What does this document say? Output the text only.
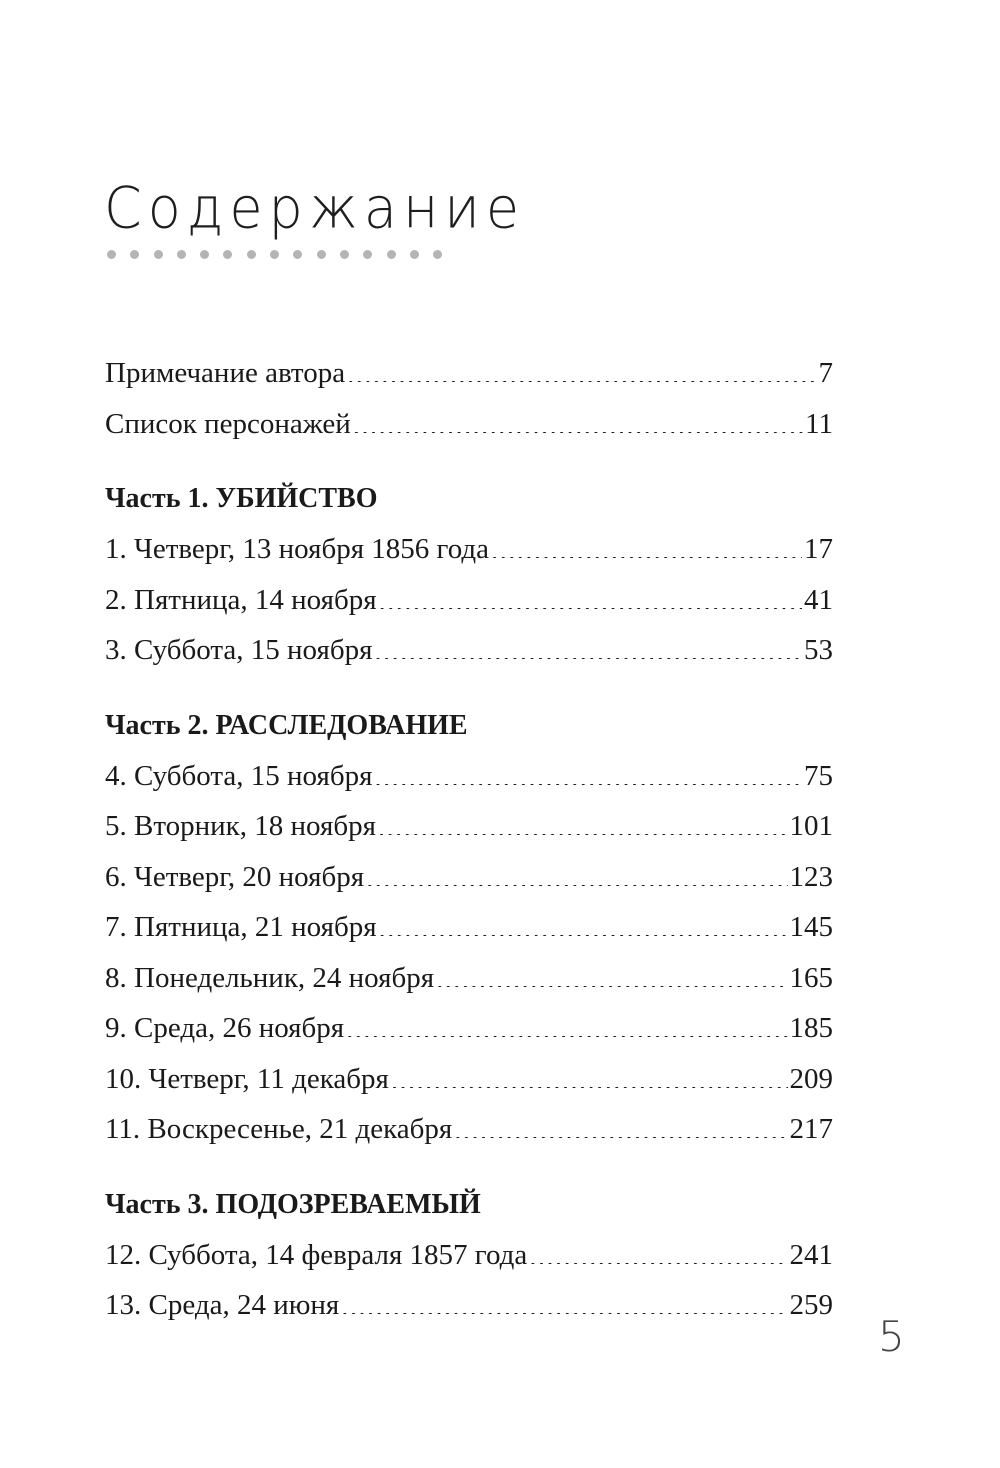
Содержание
Примечание автора .....	7
Список персонажей .....	11
Часть 1. УБИЙСТВО
1. Четверг, 13 ноября 1856 года .....	17
2. Пятница, 14 ноября .....	41
3. Суббота, 15 ноября .....	53
Часть 2. РАССЛЕДОВАНИЕ
4. Суббота, 15 ноября .....	75
5. Вторник, 18 ноября .....	101
6. Четверг, 20 ноября .....	123
7. Пятница, 21 ноября .....	145
8. Понедельник, 24 ноября .....	165
9. Среда, 26 ноября .....	185
10. Четверг, 11 декабря .....	209
11. Воскресенье, 21 декабря .....	217
Часть 3. ПОДОЗРЕВАЕМЫЙ
12. Суббота, 14 февраля 1857 года .....	241
13. Среда, 24 июня .....	259
5
